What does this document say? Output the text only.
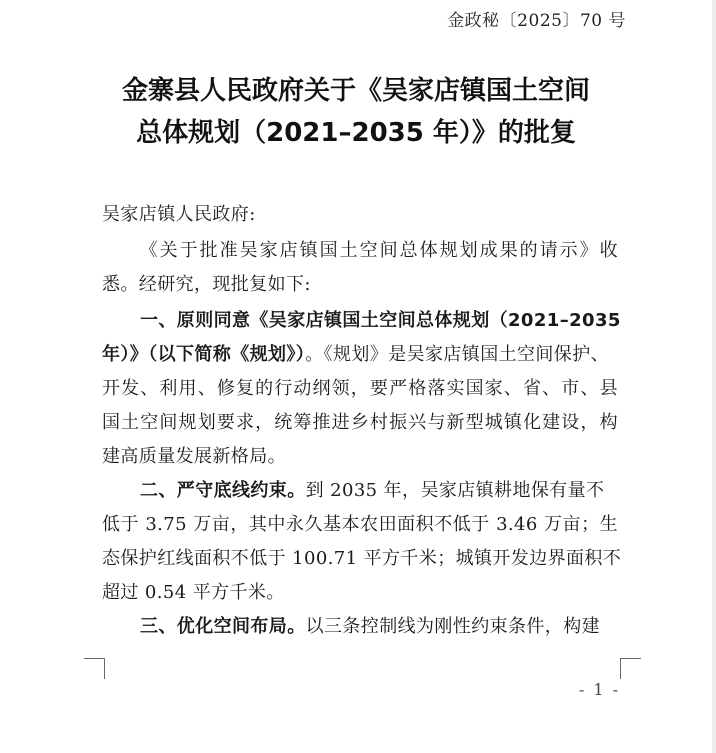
金政秘〔2025〕70 号
金寨县人民政府关于《吴家店镇国土空间
总体规划（2021–2035 年）》的批复
吴家店镇人民政府:
《关于批准吴家店镇国土空间总体规划成果的请示》收
悉。经研究，现批复如下:
一、原则同意《吴家店镇国土空间总体规划（2021–2035
年）》（以下简称《规划》）。《规划》是吴家店镇国土空间保护、
开发、利用、修复的行动纲领，要严格落实国家、省、市、县
国土空间规划要求，统筹推进乡村振兴与新型城镇化建设，构
建高质量发展新格局。
二、严守底线约束。到 2035 年，吴家店镇耕地保有量不
低于 3.75 万亩，其中永久基本农田面积不低于 3.46 万亩；生
态保护红线面积不低于 100.71 平方千米；城镇开发边界面积不
超过 0.54 平方千米。
三、优化空间布局。以三条控制线为刚性约束条件，构建
- 1 -
